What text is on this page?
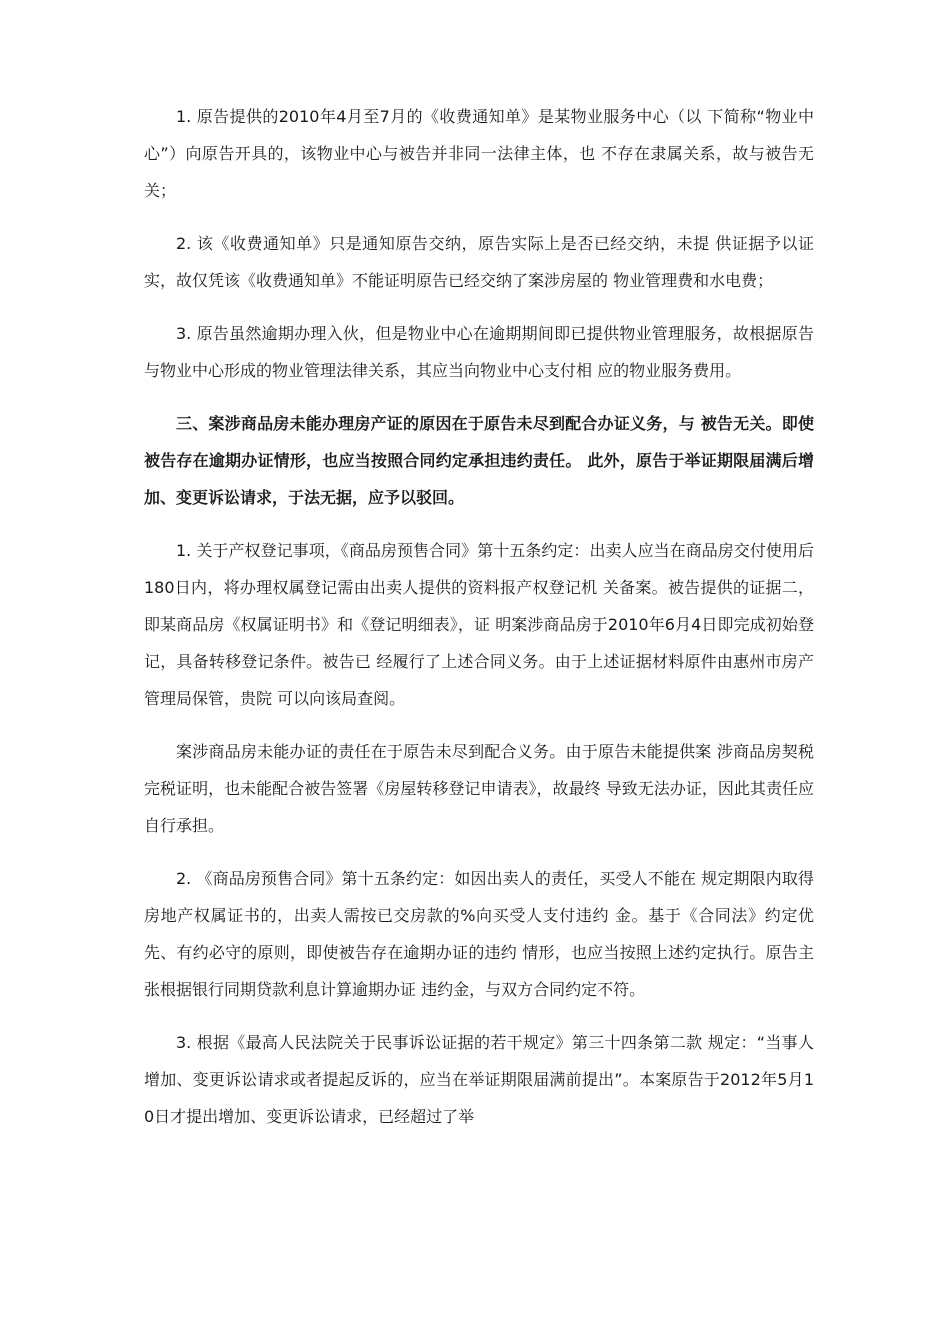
1. 原告提供的2010年4月至7月的《收费通知单》是某物业服务中心（以 下简称“物业中心”）向原告开具的，该物业中心与被告并非同一法律主体，也 不存在隶属关系，故与被告无关；

2. 该《收费通知单》只是通知原告交纳，原告实际上是否已经交纳，未提 供证据予以证实，故仅凭该《收费通知单》不能证明原告已经交纳了案涉房屋的 物业管理费和水电费；

3. 原告虽然逾期办理入伙，但是物业中心在逾期期间即已提供物业管理服务，故根据原告与物业中心形成的物业管理法律关系，其应当向物业中心支付相 应的物业服务费用。

三、案涉商品房未能办理房产证的原因在于原告未尽到配合办证义务，与 被告无关。即使被告存在逾期办证情形，也应当按照合同约定承担违约责任。 此外，原告于举证期限届满后增加、变更诉讼请求，于法无据，应予以驳回。

1. 关于产权登记事项，《商品房预售合同》第十五条约定：出卖人应当在商品房交付使用后180日内，将办理权属登记需由出卖人提供的资料报产权登记机 关备案。被告提供的证据二，即某商品房《权属证明书》和《登记明细表》，证 明案涉商品房于2010年6月4日即完成初始登记，具备转移登记条件。被告已 经履行了上述合同义务。由于上述证据材料原件由惠州市房产管理局保管，贵院 可以向该局查阅。

案涉商品房未能办证的责任在于原告未尽到配合义务。由于原告未能提供案 涉商品房契税完税证明，也未能配合被告签署《房屋转移登记申请表》，故最终 导致无法办证，因此其责任应自行承担。

2. 《商品房预售合同》第十五条约定：如因出卖人的责任，买受人不能在 规定期限内取得房地产权属证书的，出卖人需按已交房款的%向买受人支付违约 金。基于《合同法》约定优先、有约必守的原则，即使被告存在逾期办证的违约 情形，也应当按照上述约定执行。原告主张根据银行同期贷款利息计算逾期办证 违约金，与双方合同约定不符。

3. 根据《最高人民法院关于民事诉讼证据的若干规定》第三十四条第二款 规定：“当事人增加、变更诉讼请求或者提起反诉的，应当在举证期限届满前提出”。本案原告于2012年5月10日才提出增加、变更诉讼请求，已经超过了举
